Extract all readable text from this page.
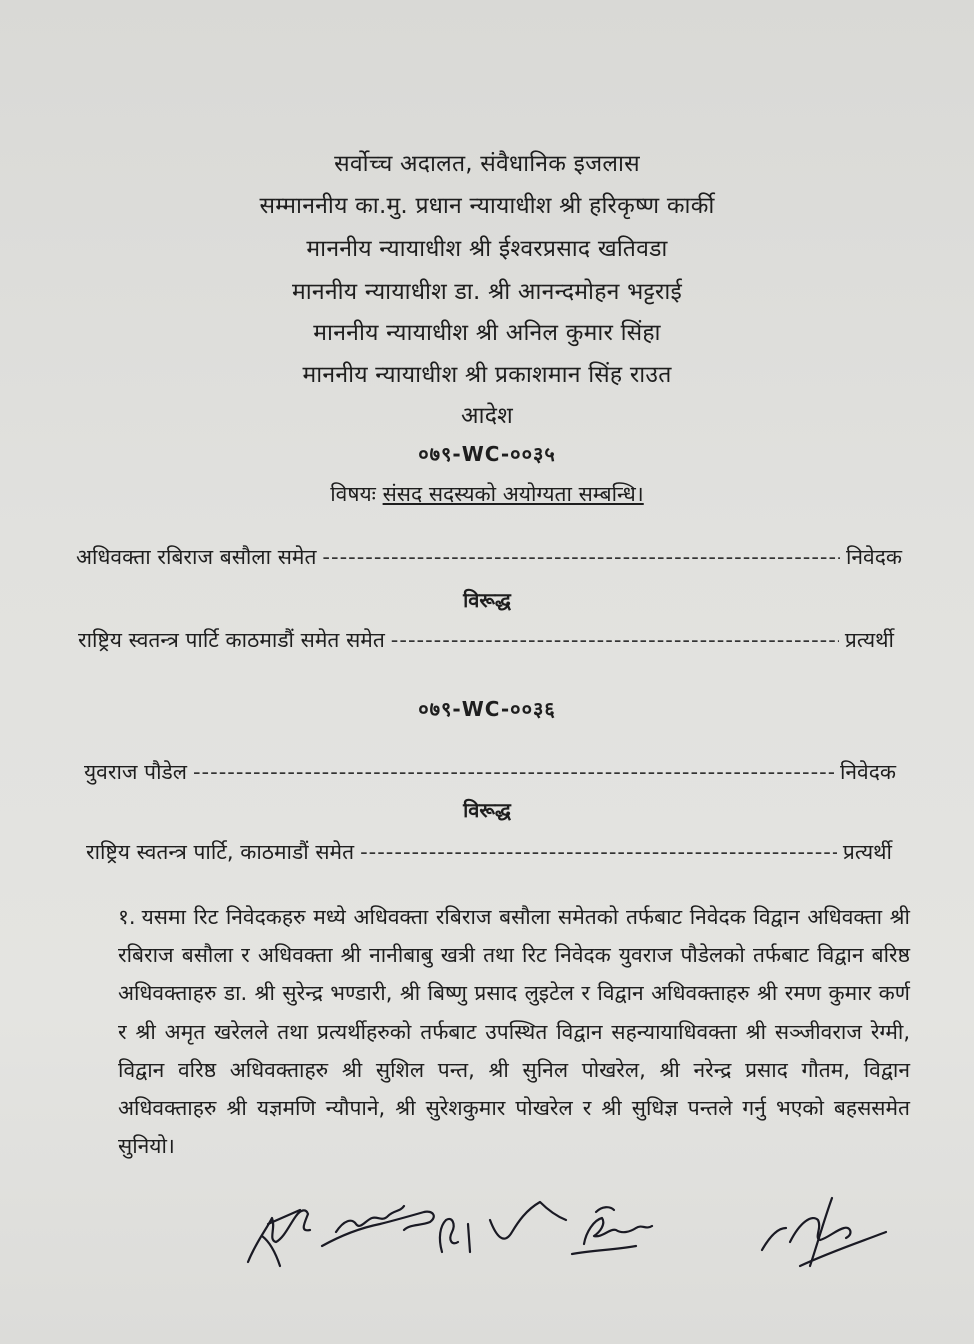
सर्वोच्च अदालत, संवैधानिक इजलास
सम्माननीय का.मु. प्रधान न्यायाधीश श्री हरिकृष्ण कार्की
माननीय न्यायाधीश श्री ईश्वरप्रसाद खतिवडा
माननीय न्यायाधीश डा. श्री आनन्दमोहन भट्टराई
माननीय न्यायाधीश श्री अनिल कुमार सिंहा
माननीय न्यायाधीश श्री प्रकाशमान सिंह राउत
आदेश
०७९-WC-००३५
विषयः संसद सदस्यको अयोग्यता सम्बन्धि।
अधिवक्ता रबिराज बसौला समेत -----	निवेदक
विरूद्ध
राष्ट्रिय स्वतन्त्र पार्टि काठमाडौं समेत समेत -----	प्रत्यर्थी
०७९-WC-००३६
युवराज पौडेल -----	निवेदक
विरूद्ध
राष्ट्रिय स्वतन्त्र पार्टि, काठमाडौं समेत -----	प्रत्यर्थी
१. यसमा रिट निवेदकहरु मध्ये अधिवक्ता रबिराज बसौला समेतको तर्फबाट निवेदक विद्वान अधिवक्ता श्री रबिराज बसौला र अधिवक्ता श्री नानीबाबु खत्री तथा रिट निवेदक युवराज पौडेलको तर्फबाट विद्वान बरिष्ठ अधिवक्ताहरु डा. श्री सुरेन्द्र भण्डारी, श्री बिष्णु प्रसाद लुइटेल र विद्वान अधिवक्ताहरु श्री रमण कुमार कर्ण र श्री अमृत खरेलले तथा प्रत्यर्थीहरुको तर्फबाट उपस्थित विद्वान सहन्यायाधिवक्ता श्री सञ्जीवराज रेग्मी, विद्वान वरिष्ठ अधिवक्ताहरु श्री सुशिल पन्त, श्री सुनिल पोखरेल, श्री नरेन्द्र प्रसाद गौतम, विद्वान अधिवक्ताहरु श्री यज्ञमणि न्यौपाने, श्री सुरेशकुमार पोखरेल र श्री सुधिज्ञ पन्तले गर्नु भएको बहससमेत सुनियो।
